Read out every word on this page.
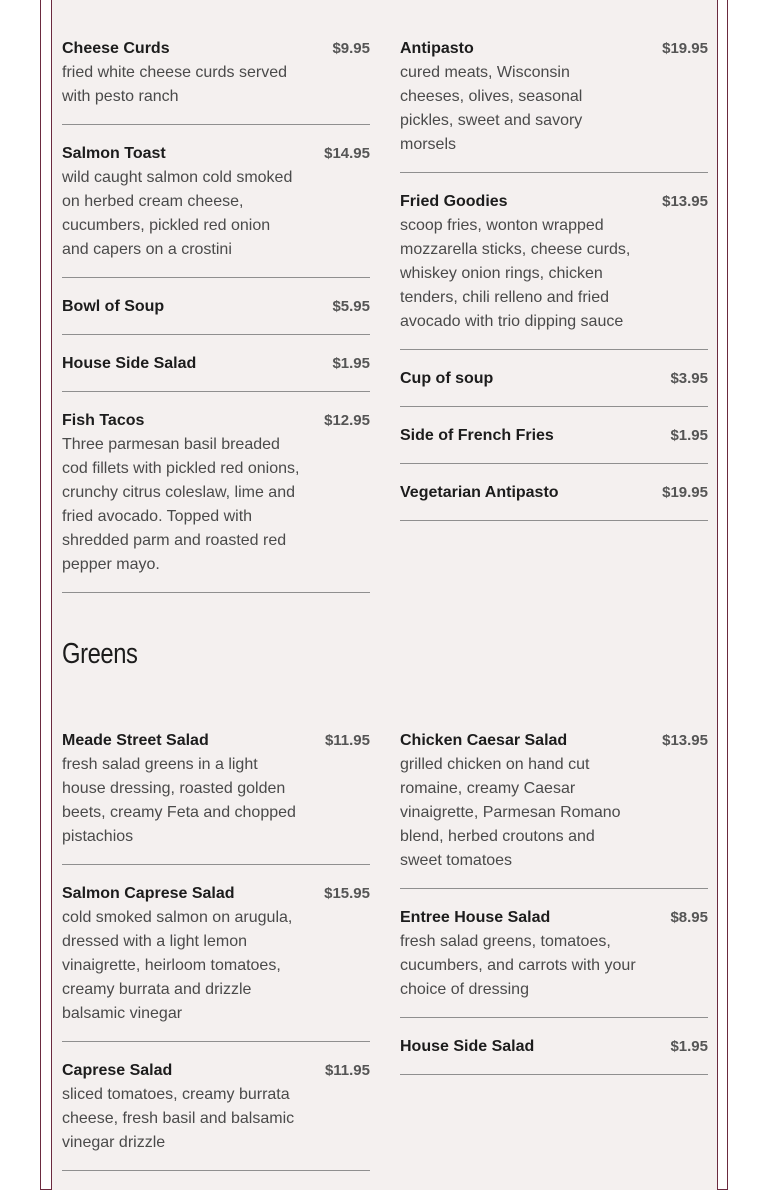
Cheese Curds	$9.95
fried white cheese curds served with pesto ranch
Salmon Toast	$14.95
wild caught salmon cold smoked on herbed cream cheese, cucumbers, pickled red onion and capers on a crostini
Bowl of Soup	$5.95
House Side Salad	$1.95
Fish Tacos	$12.95
Three parmesan basil breaded cod fillets with pickled red onions, crunchy citrus coleslaw, lime and fried avocado. Topped with shredded parm and roasted red pepper mayo.
Antipasto	$19.95
cured meats, Wisconsin cheeses, olives, seasonal pickles, sweet and savory morsels
Fried Goodies	$13.95
scoop fries, wonton wrapped mozzarella sticks, cheese curds, whiskey onion rings, chicken tenders, chili relleno and fried avocado with trio dipping sauce
Cup of soup	$3.95
Side of French Fries	$1.95
Vegetarian Antipasto	$19.95
Greens
Meade Street Salad	$11.95
fresh salad greens in a light house dressing, roasted golden beets, creamy Feta and chopped pistachios
Salmon Caprese Salad	$15.95
cold smoked salmon on arugula, dressed with a light lemon vinaigrette, heirloom tomatoes, creamy burrata and drizzle balsamic vinegar
Caprese Salad	$11.95
sliced tomatoes, creamy burrata cheese, fresh basil and balsamic vinegar drizzle
Chicken Caesar Salad	$13.95
grilled chicken on hand cut romaine, creamy Caesar vinaigrette, Parmesan Romano blend, herbed croutons and sweet tomatoes
Entree House Salad	$8.95
fresh salad greens, tomatoes, cucumbers, and carrots with your choice of dressing
House Side Salad	$1.95
